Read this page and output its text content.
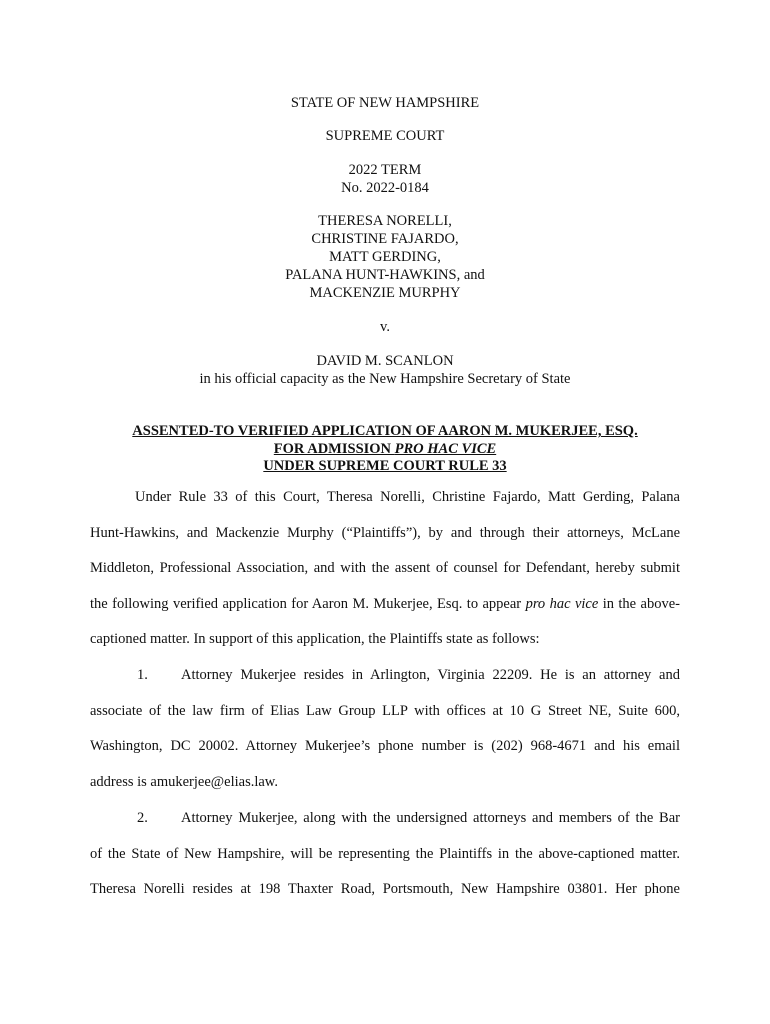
STATE OF NEW HAMPSHIRE
SUPREME COURT
2022 TERM
No. 2022-0184
THERESA NORELLI,
CHRISTINE FAJARDO,
MATT GERDING,
PALANA HUNT-HAWKINS, and
MACKENZIE MURPHY
v.
DAVID M. SCANLON
in his official capacity as the New Hampshire Secretary of State
ASSENTED-TO VERIFIED APPLICATION OF AARON M. MUKERJEE, ESQ.
FOR ADMISSION PRO HAC VICE
UNDER SUPREME COURT RULE 33
Under Rule 33 of this Court, Theresa Norelli, Christine Fajardo, Matt Gerding, Palana
Hunt-Hawkins, and Mackenzie Murphy (“Plaintiffs”), by and through their attorneys, McLane
Middleton, Professional Association, and with the assent of counsel for Defendant, hereby submit
the following verified application for Aaron M. Mukerjee, Esq. to appear pro hac vice in the above-
captioned matter. In support of this application, the Plaintiffs state as follows:
1. Attorney Mukerjee resides in Arlington, Virginia 22209. He is an attorney and
associate of the law firm of Elias Law Group LLP with offices at 10 G Street NE, Suite 600,
Washington, DC 20002. Attorney Mukerjee’s phone number is (202) 968-4671 and his email
address is amukerjee@elias.law.
2. Attorney Mukerjee, along with the undersigned attorneys and members of the Bar
of the State of New Hampshire, will be representing the Plaintiffs in the above-captioned matter.
Theresa Norelli resides at 198 Thaxter Road, Portsmouth, New Hampshire 03801. Her phone
